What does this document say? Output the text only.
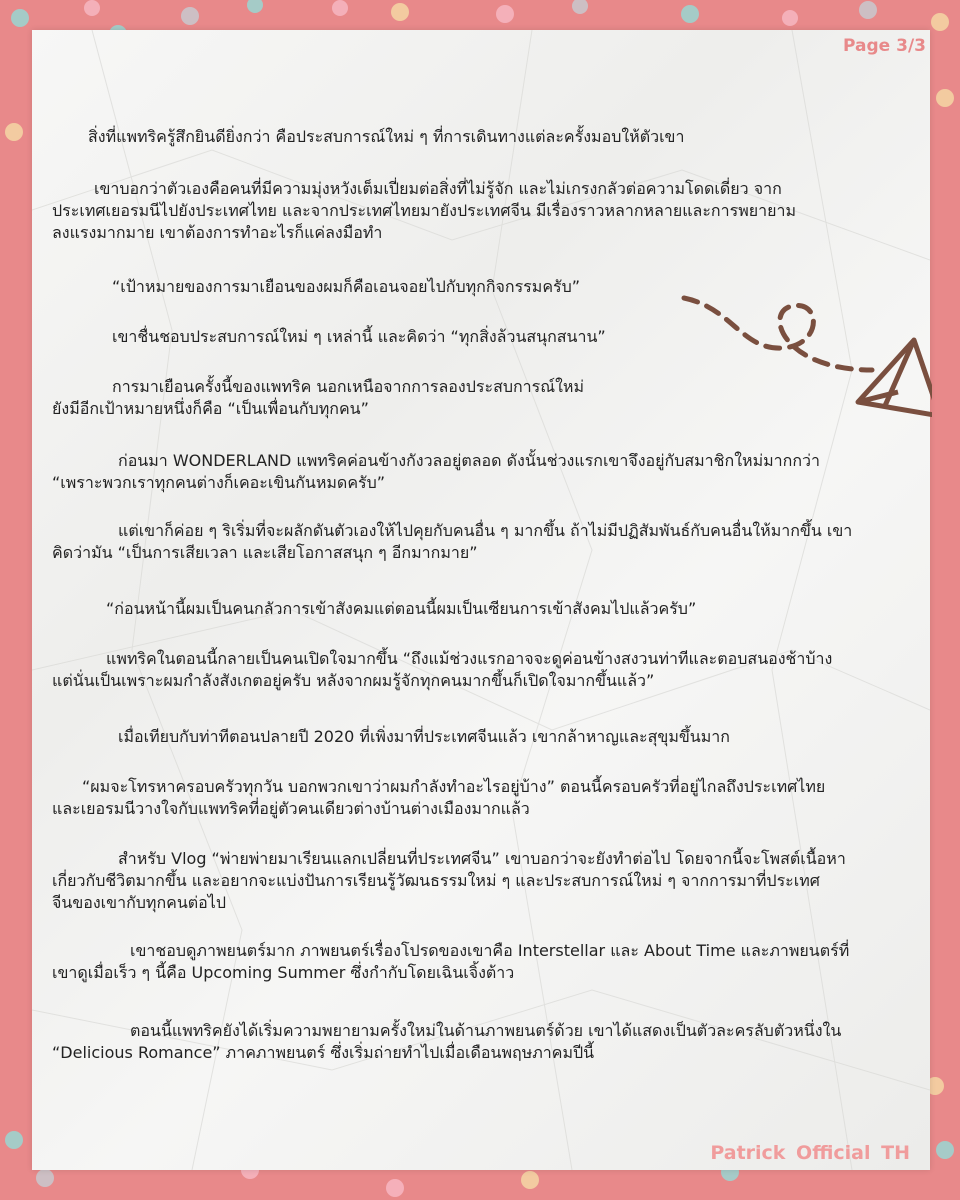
Page 3/3

สิ่งที่แพทริครู้สึกยินดียิ่งกว่า คือประสบการณ์ใหม่ ๆ ที่การเดินทางแต่ละครั้งมอบให้ตัวเขา

เขาบอกว่าตัวเองคือคนที่มีความมุ่งหวังเต็มเปี่ยมต่อสิ่งที่ไม่รู้จัก และไม่เกรงกลัวต่อความโดดเดี่ยว จาก
ประเทศเยอรมนีไปยังประเทศไทย และจากประเทศไทยมายังประเทศจีน มีเรื่องราวหลากหลายและการพยายาม
ลงแรงมากมาย เขาต้องการทำอะไรก็แค่ลงมือทำ

“เป้าหมายของการมาเยือนของผมก็คือเอนจอยไปกับทุกกิจกรรมครับ”

เขาชื่นชอบประสบการณ์ใหม่ ๆ เหล่านี้ และคิดว่า “ทุกสิ่งล้วนสนุกสนาน”

การมาเยือนครั้งนี้ของแพทริค นอกเหนือจากการลองประสบการณ์ใหม่
ยังมีอีกเป้าหมายหนึ่งก็คือ “เป็นเพื่อนกับทุกคน”

ก่อนมา WONDERLAND แพทริคค่อนข้างกังวลอยู่ตลอด ดังนั้นช่วงแรกเขาจึงอยู่กับสมาชิกใหม่มากกว่า
“เพราะพวกเราทุกคนต่างก็เคอะเขินกันหมดครับ”

แต่เขาก็ค่อย ๆ ริเริ่มที่จะผลักดันตัวเองให้ไปคุยกับคนอื่น ๆ มากขึ้น ถ้าไม่มีปฏิสัมพันธ์กับคนอื่นให้มากขึ้น เขา
คิดว่ามัน “เป็นการเสียเวลา และเสียโอกาสสนุก ๆ อีกมากมาย”

“ก่อนหน้านี้ผมเป็นคนกลัวการเข้าสังคมแต่ตอนนี้ผมเป็นเซียนการเข้าสังคมไปแล้วครับ”

แพทริคในตอนนี้กลายเป็นคนเปิดใจมากขึ้น “ถึงแม้ช่วงแรกอาจจะดูค่อนข้างสงวนท่าทีและตอบสนองช้าบ้าง
แต่นั่นเป็นเพราะผมกำลังสังเกตอยู่ครับ หลังจากผมรู้จักทุกคนมากขึ้นก็เปิดใจมากขึ้นแล้ว”

เมื่อเทียบกับท่าทีตอนปลายปี 2020 ที่เพิ่งมาที่ประเทศจีนแล้ว เขากล้าหาญและสุขุมขึ้นมาก

“ผมจะโทรหาครอบครัวทุกวัน บอกพวกเขาว่าผมกำลังทำอะไรอยู่บ้าง” ตอนนี้ครอบครัวที่อยู่ไกลถึงประเทศไทย
และเยอรมนีวางใจกับแพทริคที่อยู่ตัวคนเดียวต่างบ้านต่างเมืองมากแล้ว

สำหรับ Vlog “พ่ายพ่ายมาเรียนแลกเปลี่ยนที่ประเทศจีน” เขาบอกว่าจะยังทำต่อไป โดยจากนี้จะโพสต์เนื้อหา
เกี่ยวกับชีวิตมากขึ้น และอยากจะแบ่งปันการเรียนรู้วัฒนธรรมใหม่ ๆ และประสบการณ์ใหม่ ๆ จากการมาที่ประเทศ
จีนของเขากับทุกคนต่อไป

เขาชอบดูภาพยนตร์มาก ภาพยนตร์เรื่องโปรดของเขาคือ Interstellar และ About Time และภาพยนตร์ที่
เขาดูเมื่อเร็ว ๆ นี้คือ Upcoming Summer ซึ่งกำกับโดยเฉินเจิ้งต้าว

ตอนนี้แพทริคยังได้เริ่มความพยายามครั้งใหม่ในด้านภาพยนตร์ด้วย เขาได้แสดงเป็นตัวละครลับตัวหนึ่งใน
“Delicious Romance” ภาคภาพยนตร์ ซึ่งเริ่มถ่ายทำไปเมื่อเดือนพฤษภาคมปีนี้

Patrick Official TH
